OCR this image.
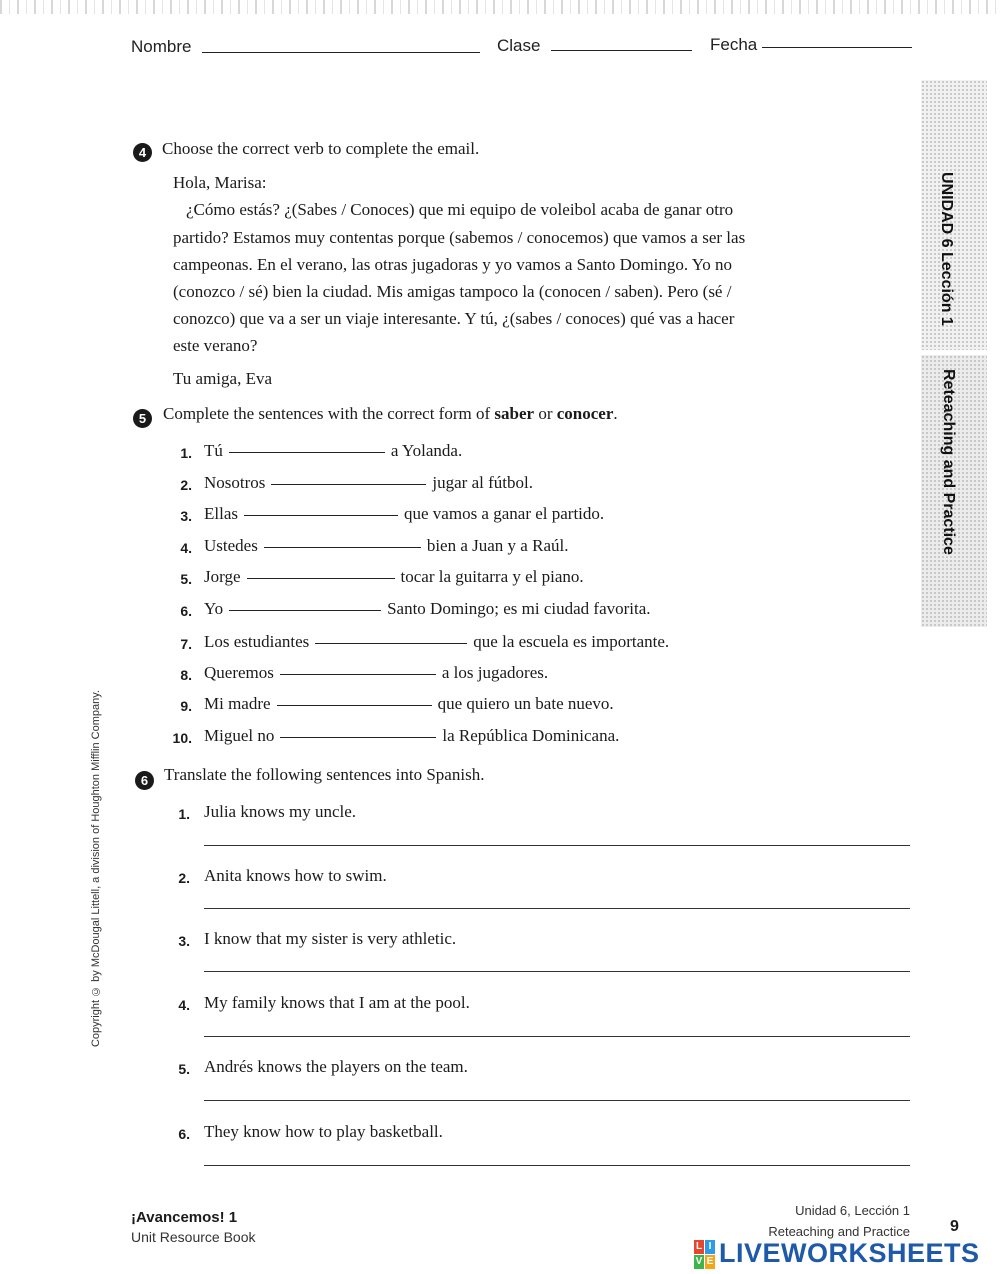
Nombre	Clase	Fecha
UNIDAD 6 Lección 1
Reteaching and Practice
4 Choose the correct verb to complete the email.
Hola, Marisa:
¿Cómo estás? ¿(Sabes / Conoces) que mi equipo de voleibol acaba de ganar otro
partido? Estamos muy contentas porque (sabemos / conocemos) que vamos a ser las
campeonas. En el verano, las otras jugadoras y yo vamos a Santo Domingo. Yo no
(conozco / sé) bien la ciudad. Mis amigas tampoco la (conocen / saben). Pero (sé /
conozco) que va a ser un viaje interesante. Y tú, ¿(sabes / conoces) qué vas a hacer
este verano?
Tu amiga, Eva
5 Complete the sentences with the correct form of saber or conocer.
1. Tú	a Yolanda.
2. Nosotros	jugar al fútbol.
3. Ellas	que vamos a ganar el partido.
4. Ustedes	bien a Juan y a Raúl.
5. Jorge	tocar la guitarra y el piano.
6. Yo	Santo Domingo; es mi ciudad favorita.
7. Los estudiantes	que la escuela es importante.
8. Queremos	a los jugadores.
9. Mi madre	que quiero un bate nuevo.
10. Miguel no	la República Dominicana.
6 Translate the following sentences into Spanish.
1. Julia knows my uncle.
2. Anita knows how to swim.
3. I know that my sister is very athletic.
4. My family knows that I am at the pool.
5. Andrés knows the players on the team.
6. They know how to play basketball.
Copyright © by McDougal Littell, a division of Houghton Mifflin Company.
¡Avancemos! 1
Unit Resource Book
Unidad 6, Lección 1
Reteaching and Practice	9
L I
V E LIVEWORKSHEETS
